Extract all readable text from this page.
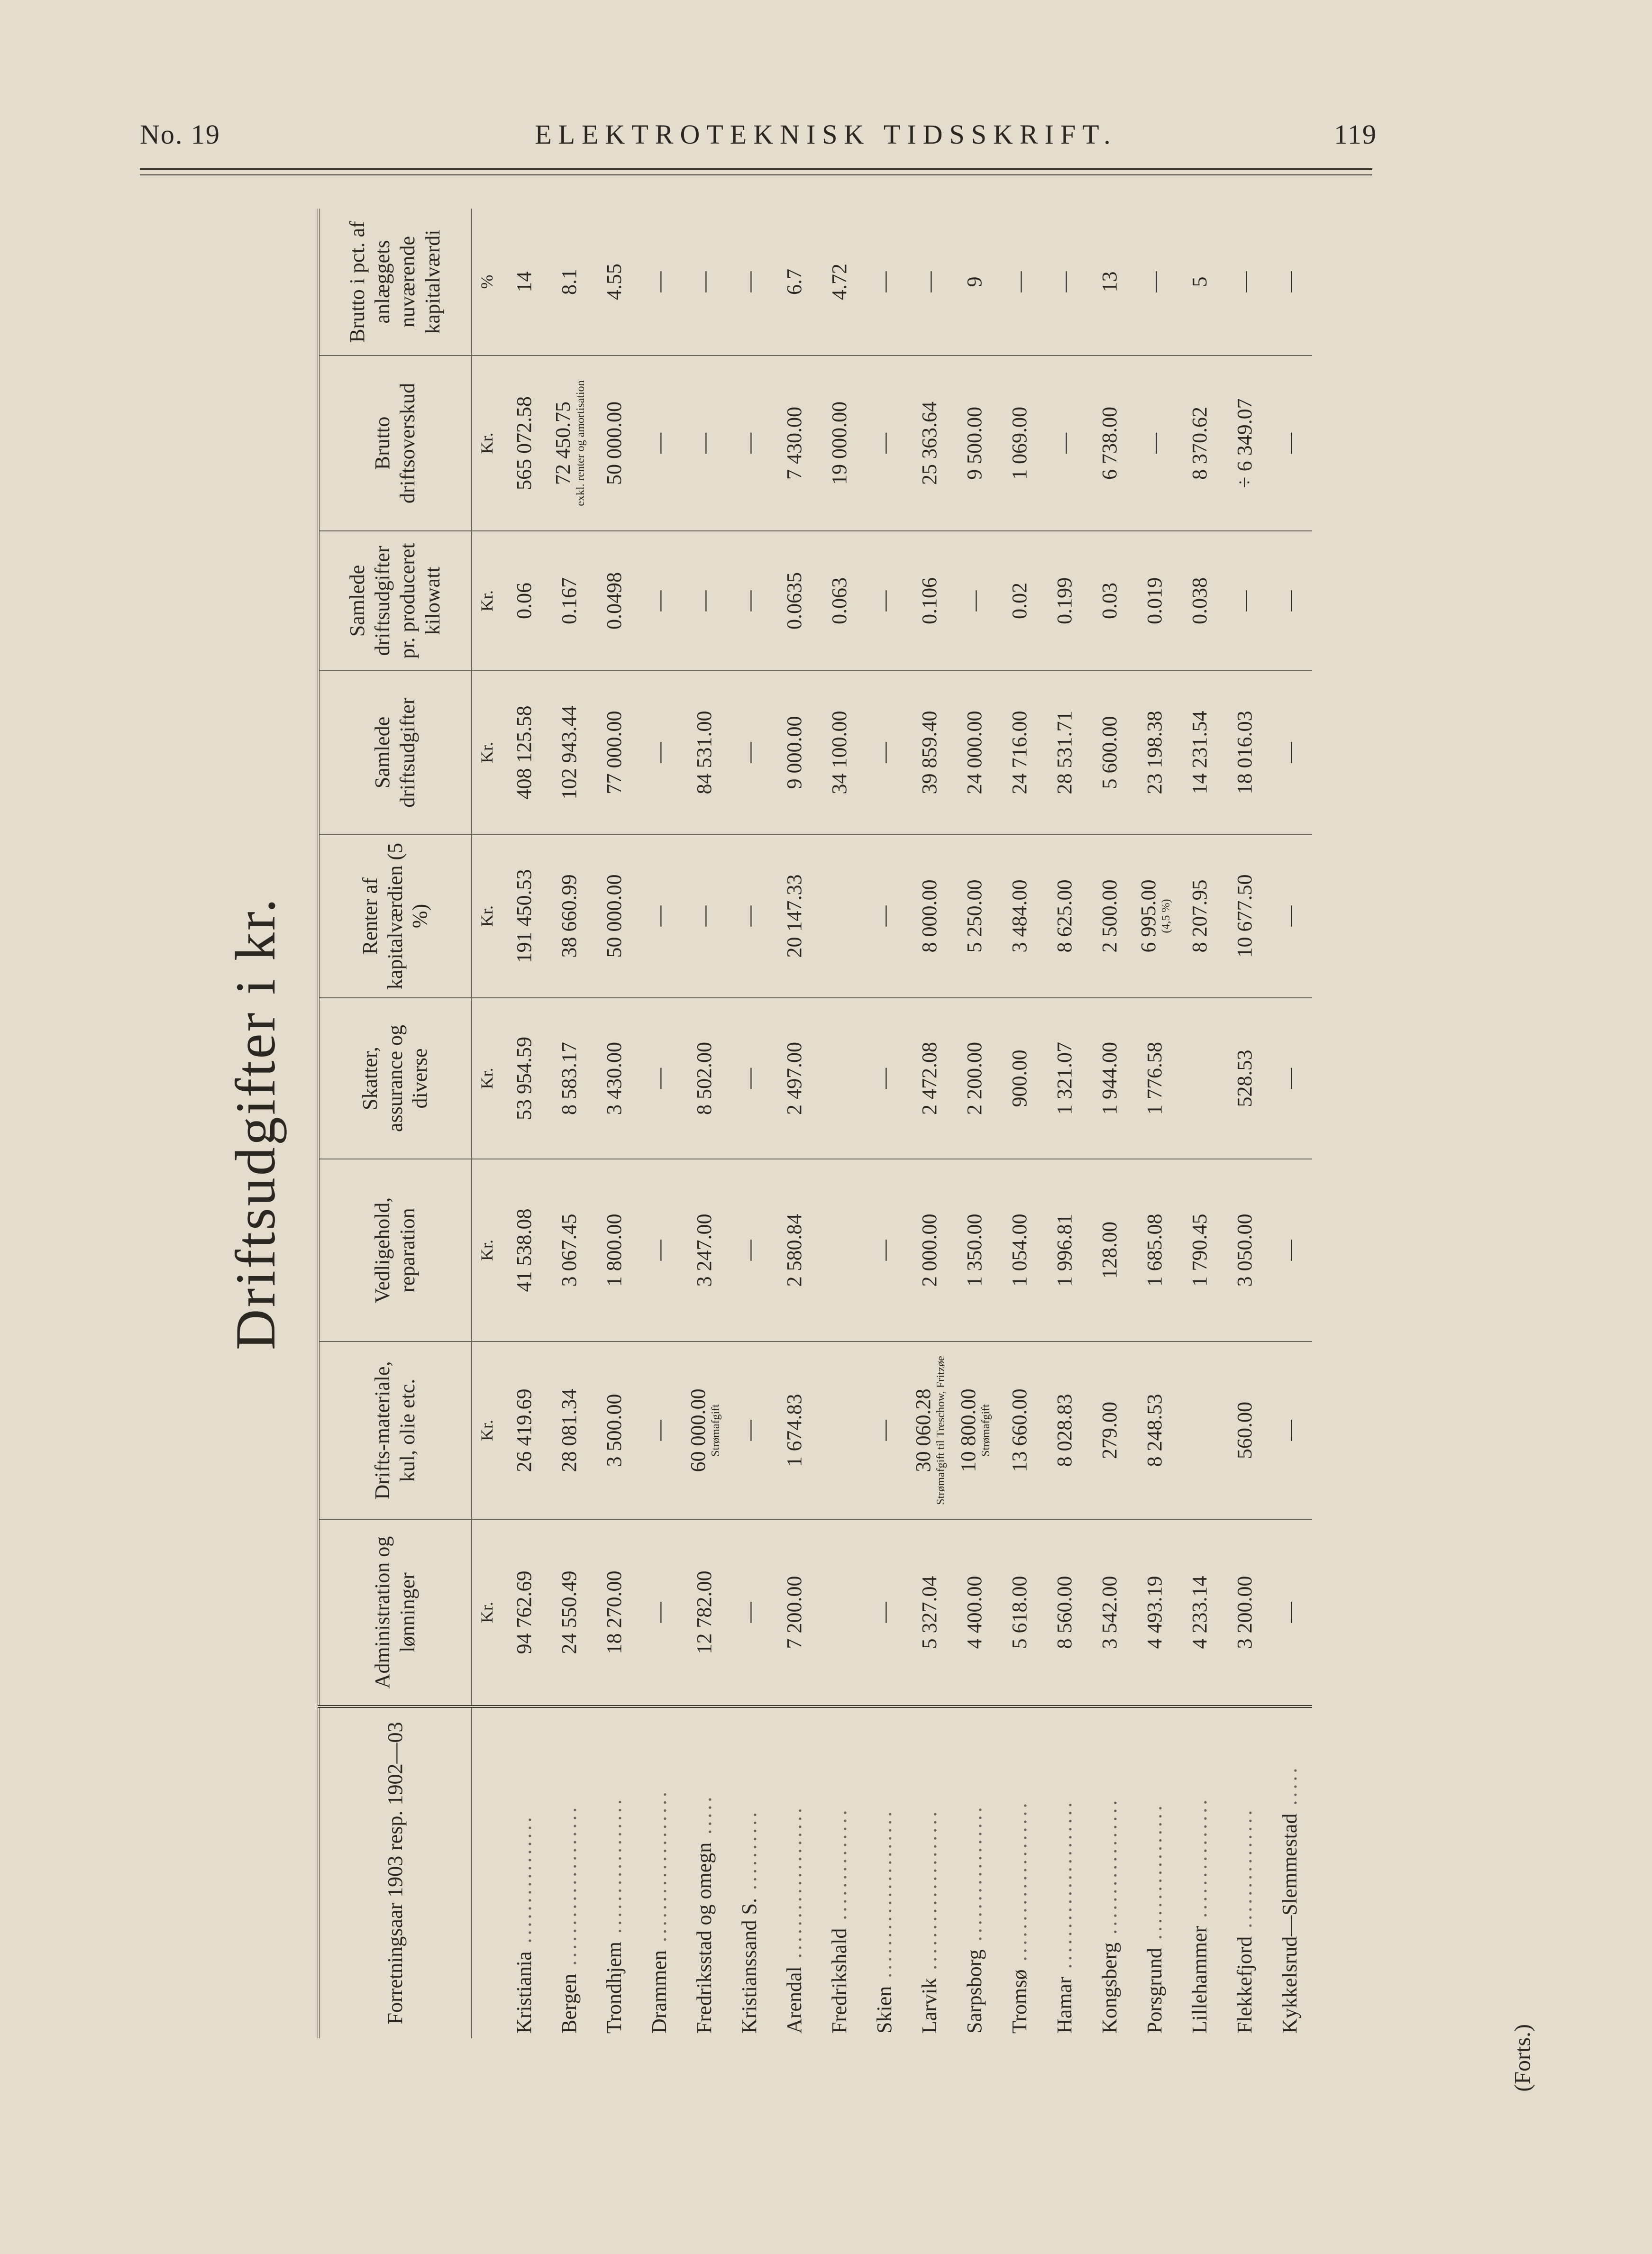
No. 19	ELEKTROTEKNISK TIDSSKRIFT.	119
Driftsudgifter i kr.
Forretningsaar 1903 resp. 1902—03	Administration og lønninger	Drifts-materiale, kul, olie etc.	Vedligehold, reparation	Skatter, assurance og diverse	Renter af kapitalværdien (5 %)	Samlede driftsudgifter	Samlede driftsudgifter pr. produceret kilowatt	Brutto driftsoverskud	Brutto i pct. af anlæggets nuværende kapitalværdi
	Kr.	Kr.	Kr.	Kr.	Kr.	Kr.	Kr.	Kr.	%
Kristiania ................	94 762.69	26 419.69	41 538.08	53 954.59	191 450.53	408 125.58	0.06	565 072.58	14
Bergen ....................	24 550.49	28 081.34	3 067.45	8 583.17	38 660.99	102 943.44	0.167	72 450.75 exkl. renter og amortisation	8.1
Trondhjem .................	18 270.00	3 500.00	1 800.00	3 430.00	50 000.00	77 000.00	0.0498	50 000.00	4.55
Drammen ...................	—	—	—	—	—	—	—	—	—
Fredriksstad og omegn .....	12 782.00	60 000.00 Strømafgift	3 247.00	8 502.00	—	84 531.00	—	—	—
Kristianssand S. ..........	—	—	—	—	—	—	—	—	—
Arendal ...................	7 200.00	1 674.83	2 580.84	2 497.00	20 147.33	9 000.00	0.0635	7 430.00	6.7
Fredrikshald ..............						34 100.00	0.063	19 000.00	4.72
Skien .....................	—	—	—	—	—	—	—	—	—
Larvik ....................	5 327.04	30 060.28 Strømafgift til Treschow, Fritzøe	2 000.00	2 472.08	8 000.00	39 859.40	0.106	25 363.64	—
Sarpsborg .................	4 400.00	10 800.00 Strømafgift	1 350.00	2 200.00	5 250.00	24 000.00	—	9 500.00	9
Tromsø ....................	5 618.00	13 660.00	1 054.00	900.00	3 484.00	24 716.00	0.02	1 069.00	—
Hamar .....................	8 560.00	8 028.83	1 996.81	1 321.07	8 625.00	28 531.71	0.199	—	—
Kongsberg .................	3 542.00	279.00	128.00	1 944.00	2 500.00	5 600.00	0.03	6 738.00	13
Porsgrund .................	4 493.19	8 248.53	1 685.08	1 776.58	6 995.00 (4,5 %)	23 198.38	0.019	—	—
Lillehammer ...............	4 233.14		1 790.45		8 207.95	14 231.54	0.038	8 370.62	5
Flekkefjord ...............	3 200.00	560.00	3 050.00	528.53	10 677.50	18 016.03	—	÷ 6 349.07	—
Kykkelsrud—Slemmestad .....	—	—	—	—	—	—	—	—	—
(Forts.)
